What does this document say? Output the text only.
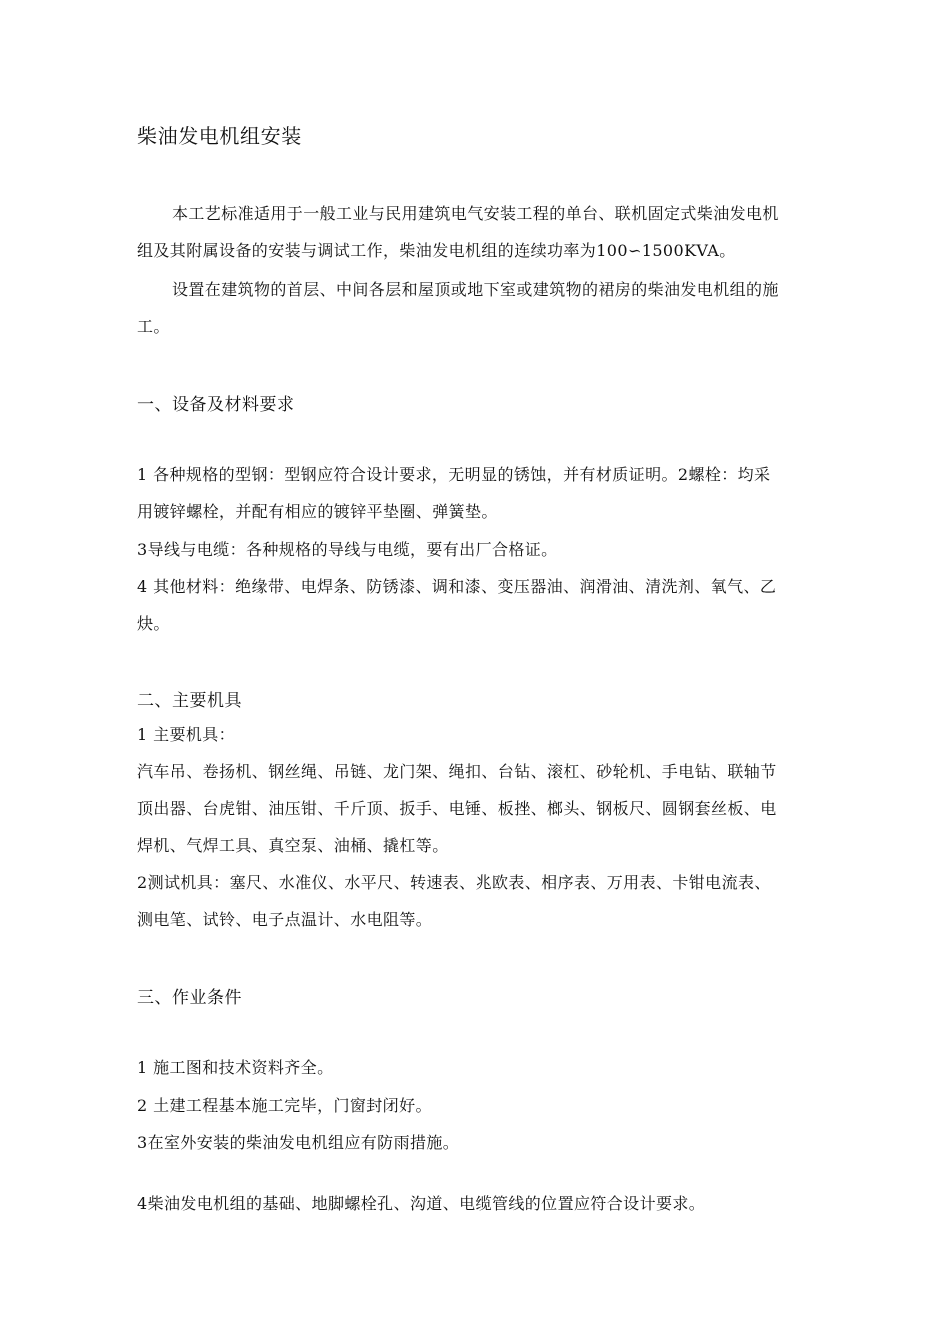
柴油发电机组安装
本工艺标准适用于一般工业与民用建筑电气安装工程的单台、联机固定式柴油发电机
组及其附属设备的安装与调试工作，柴油发电机组的连续功率为100∽1500KVA。
设置在建筑物的首层、中间各层和屋顶或地下室或建筑物的裙房的柴油发电机组的施
工。
一、设备及材料要求
1 各种规格的型钢：型钢应符合设计要求，无明显的锈蚀，并有材质证明。2螺栓：均采
用镀锌螺栓，并配有相应的镀锌平垫圈、弹簧垫。
3导线与电缆：各种规格的导线与电缆，要有出厂合格证。
4 其他材料：绝缘带、电焊条、防锈漆、调和漆、变压器油、润滑油、清洗剂、氧气、乙
炔。
二、主要机具
1 主要机具：
汽车吊、卷扬机、钢丝绳、吊链、龙门架、绳扣、台钻、滚杠、砂轮机、手电钻、联轴节
顶出器、台虎钳、油压钳、千斤顶、扳手、电锤、板挫、榔头、钢板尺、圆钢套丝板、电
焊机、气焊工具、真空泵、油桶、撬杠等。
2测试机具：塞尺、水准仪、水平尺、转速表、兆欧表、相序表、万用表、卡钳电流表、
测电笔、试铃、电子点温计、水电阻等。
三、作业条件
1 施工图和技术资料齐全。
2 土建工程基本施工完毕，门窗封闭好。
3在室外安装的柴油发电机组应有防雨措施。
4柴油发电机组的基础、地脚螺栓孔、沟道、电缆管线的位置应符合设计要求。
